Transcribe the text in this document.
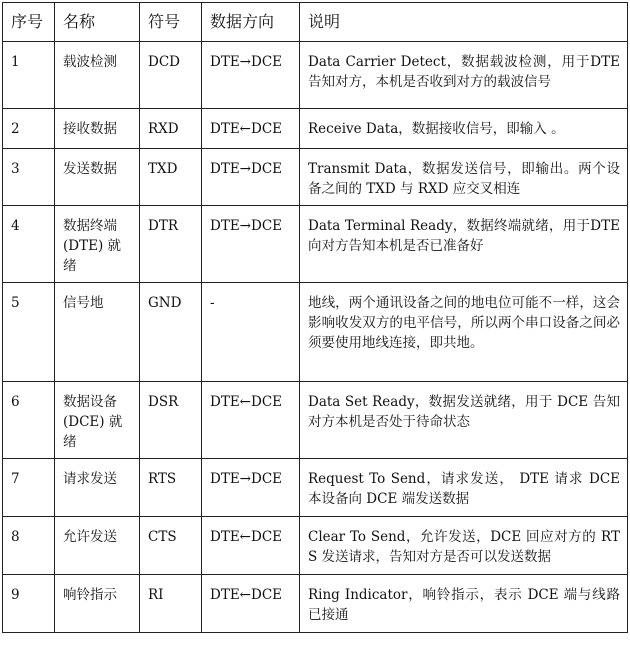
序号	名称	符号	数据方向	说明
1	载波检测	DCD	DTE→DCE	Data Carrier Detect，数据载波检测，用于DTE 告知对方，本机是否收到对方的载波信号
2	接收数据	RXD	DTE←DCE	Receive Data，数据接收信号，即输入 。
3	发送数据	TXD	DTE→DCE	Transmit Data，数据发送信号，即输出。两个设备之间的 TXD 与 RXD 应交叉相连
4	数据终端(DTE) 就绪	DTR	DTE→DCE	Data Terminal Ready，数据终端就绪，用于DTE 向对方告知本机是否已准备好
5	信号地	GND	-	地线，两个通讯设备之间的地电位可能不一样，这会影响收发双方的电平信号，所以两个串口设备之间必须要使用地线连接，即共地。
6	数据设备(DCE) 就绪	DSR	DTE←DCE	Data Set Ready，数据发送就绪，用于 DCE 告知对方本机是否处于待命状态
7	请求发送	RTS	DTE→DCE	Request To Send，请求发送， DTE 请求 DCE 本设备向 DCE 端发送数据
8	允许发送	CTS	DTE←DCE	Clear To Send，允许发送，DCE 回应对方的 RTS 发送请求，告知对方是否可以发送数据
9	响铃指示	RI	DTE←DCE	Ring Indicator，响铃指示，表示 DCE 端与线路已接通
